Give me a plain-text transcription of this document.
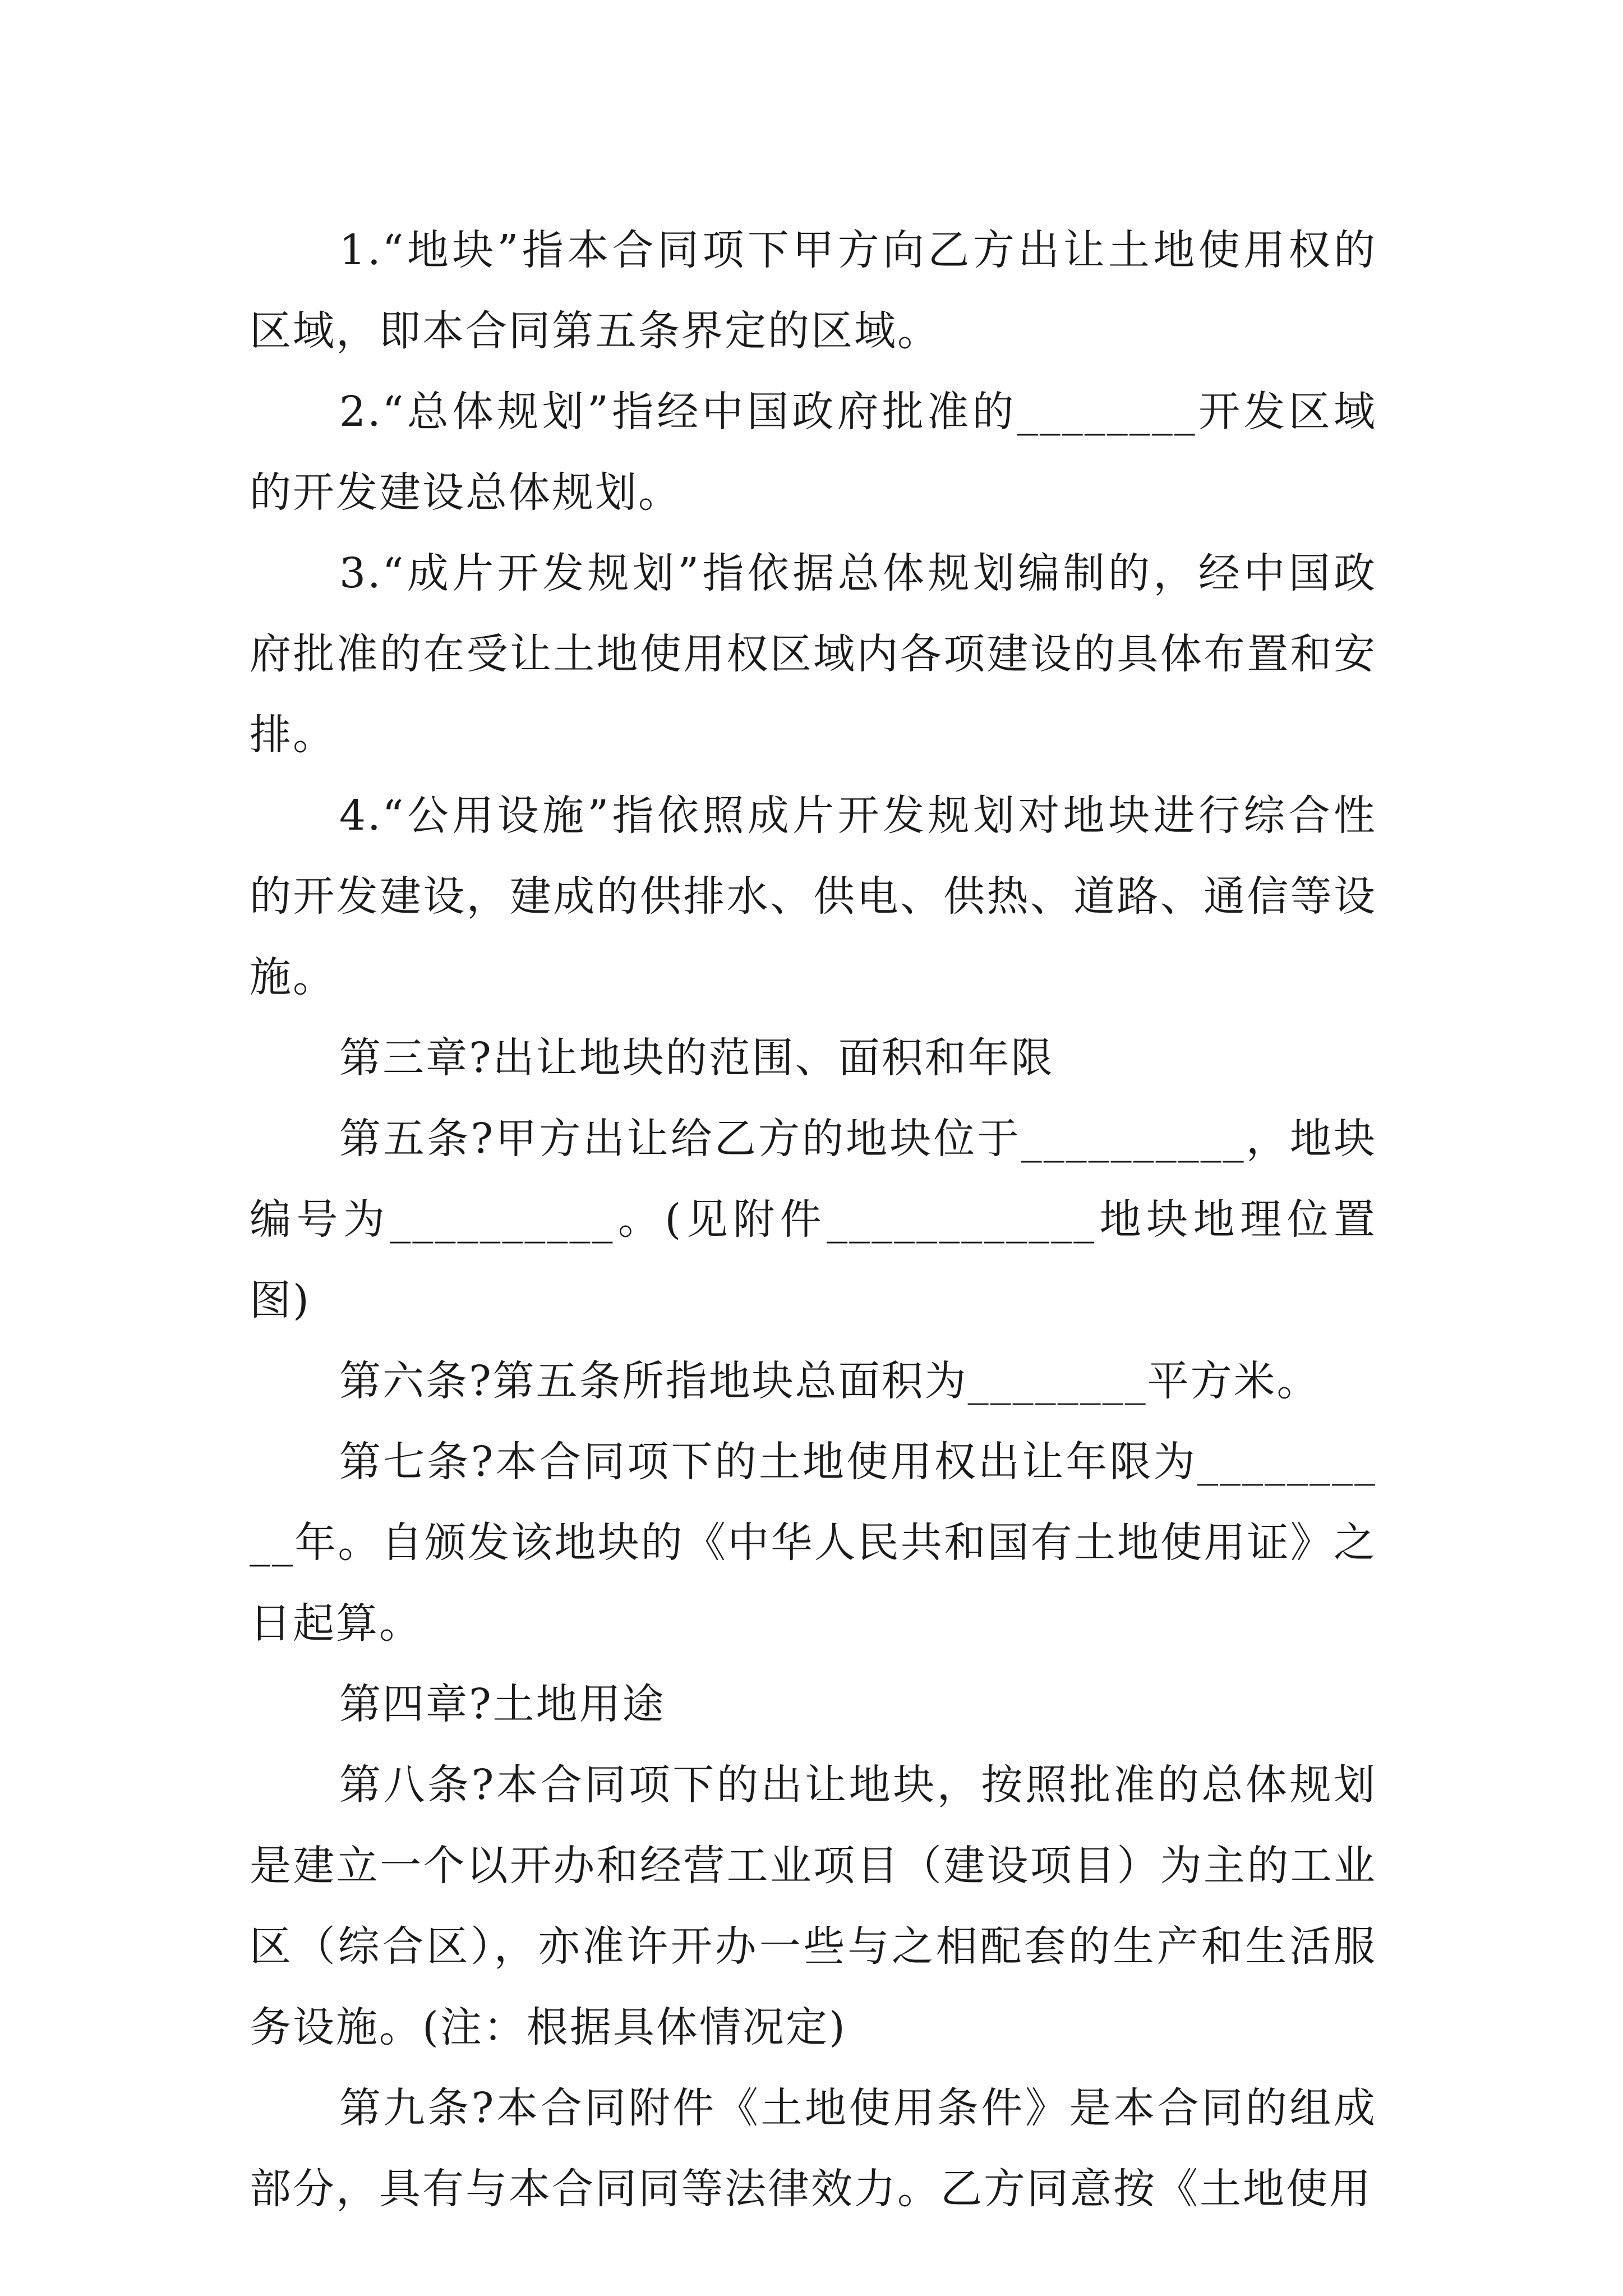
1.“地块”指本合同项下甲方向乙方出让土地使用权的区域，即本合同第五条界定的区域。

2.“总体规划”指经中国政府批准的________开发区域的开发建设总体规划。

3.“成片开发规划”指依据总体规划编制的，经中国政府批准的在受让土地使用权区域内各项建设的具体布置和安排。

4.“公用设施”指依照成片开发规划对地块进行综合性的开发建设，建成的供排水、供电、供热、道路、通信等设施。

第三章?出让地块的范围、面积和年限

第五条?甲方出让给乙方的地块位于__________，地块编号为__________。(见附件____________地块地理位置图)

第六条?第五条所指地块总面积为________平方米。

第七条?本合同项下的土地使用权出让年限为__________年。自颁发该地块的《中华人民共和国有土地使用证》之日起算。

第四章?土地用途

第八条?本合同项下的出让地块，按照批准的总体规划是建立一个以开办和经营工业项目（建设项目）为主的工业区（综合区），亦准许开办一些与之相配套的生产和生活服务设施。(注：根据具体情况定)

第九条?本合同附件《土地使用条件》是本合同的组成部分，具有与本合同同等法律效力。乙方同意按《土地使用
